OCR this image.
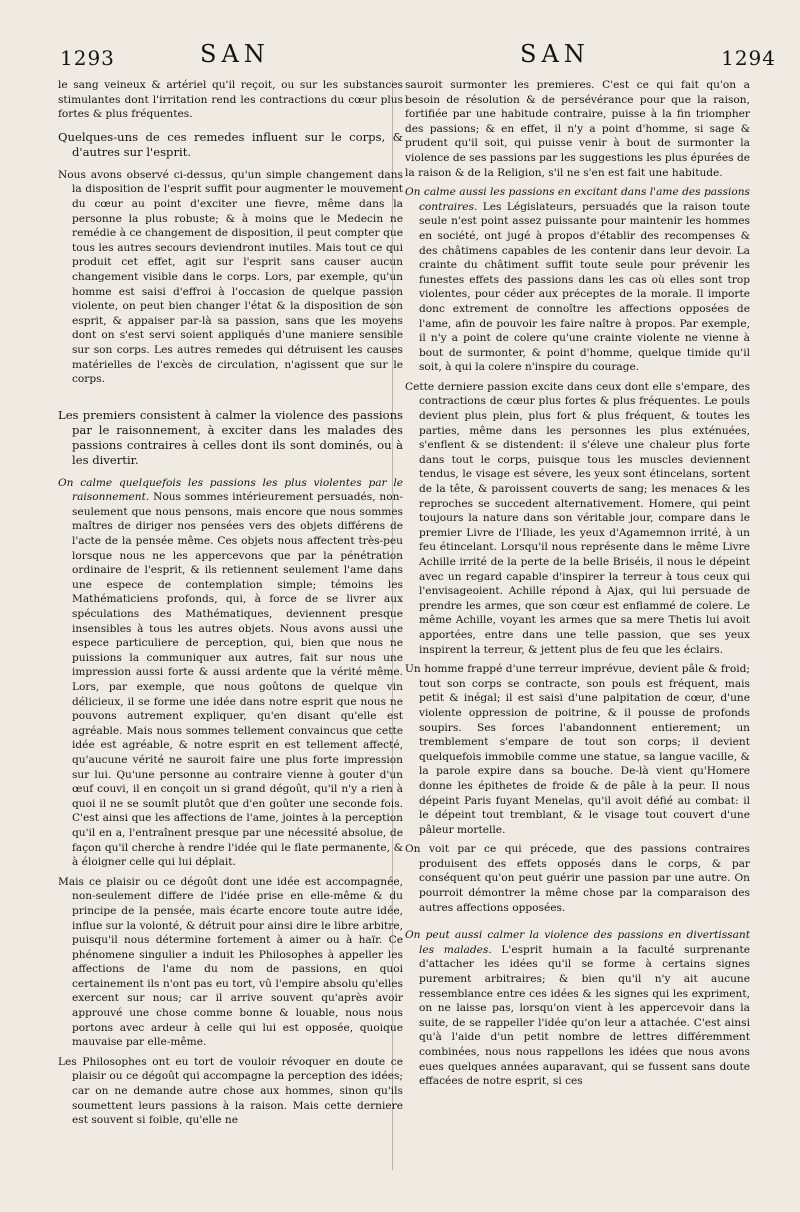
1293	SAN	SAN	1294

le sang veineux & artériel qu'il reçoit, ou sur les substances stimulantes dont l'irritation rend les contractions du cœur plus fortes & plus fréquentes.

Quelques-uns de ces remedes influent sur le corps, & d'autres sur l'esprit.

Nous avons observé ci-dessus, qu'un simple changement dans la disposition de l'esprit suffit pour augmenter le mouvement du cœur au point d'exciter une fievre, même dans la personne la plus robuste; & à moins que le Medecin ne remédie à ce changement de disposition, il peut compter que tous les autres secours deviendront inutiles. Mais tout ce qui produit cet effet, agit sur l'esprit sans causer aucun changement visible dans le corps. Lors, par exemple, qu'un homme est saisi d'effroi à l'occasion de quelque passion violente, on peut bien changer l'état & la disposition de son esprit, & appaiser par-là sa passion, sans que les moyens dont on s'est servi soient appliqués d'une maniere sensible sur son corps. Les autres remedes qui détruisent les causes matérielles de l'excès de circulation, n'agissent que sur le corps.

Les premiers consistent à calmer la violence des passions par le raisonnement, à exciter dans les malades des passions contraires à celles dont ils sont dominés, ou à les divertir.

On calme quelquefois les passions les plus violentes par le raisonnement. Nous sommes intérieurement persuadés, non-seulement que nous pensons, mais encore que nous sommes maîtres de diriger nos pensées vers des objets différens de l'acte de la pensée même. Ces objets nous affectent très-peu lorsque nous ne les appercevons que par la pénétration ordinaire de l'esprit, & ils retiennent seulement l'ame dans une espece de contemplation simple; témoins les Mathématiciens profonds, qui, à force de se livrer aux spéculations des Mathématiques, deviennent presque insensibles à tous les autres objets. Nous avons aussi une espece particuliere de perception, qui, bien que nous ne puissions la communiquer aux autres, fait sur nous une impression aussi forte & aussi ardente que la vérité même. Lors, par exemple, que nous goûtons de quelque vin délicieux, il se forme une idée dans notre esprit que nous ne pouvons autrement expliquer, qu'en disant qu'elle est agréable. Mais nous sommes tellement convaincus que cette idée est agréable, & notre esprit en est tellement affecté, qu'aucune vérité ne sauroit faire une plus forte impression sur lui. Qu'une personne au contraire vienne à gouter d'un œuf couvi, il en conçoit un si grand dégoût, qu'il n'y a rien à quoi il ne se soumît plutôt que d'en goûter une seconde fois. C'est ainsi que les affections de l'ame, jointes à la perception qu'il en a, l'entraînent presque par une nécessité absolue, de façon qu'il cherche à rendre l'idée qui le flate permanente, & à éloigner celle qui lui déplait.

Mais ce plaisir ou ce dégoût dont une idée est accompagnée, non-seulement differe de l'idée prise en elle-même & du principe de la pensée, mais écarte encore toute autre idée, influe sur la volonté, & détruit pour ainsi dire le libre arbitre, puisqu'il nous détermine fortement à aimer ou à haïr. Ce phénomene singulier a induit les Philosophes à appeller les affections de l'ame du nom de passions, en quoi certainement ils n'ont pas eu tort, vû l'empire absolu qu'elles exercent sur nous; car il arrive souvent qu'après avoir approuvé une chose comme bonne & louable, nous nous portons avec ardeur à celle qui lui est opposée, quoique mauvaise par elle-même.

Les Philosophes ont eu tort de vouloir révoquer en doute ce plaisir ou ce dégoût qui accompagne la perception des idées; car on ne demande autre chose aux hommes, sinon qu'ils soumettent leurs passions à la raison. Mais cette derniere est souvent si foible, qu'elle ne

sauroit surmonter les premieres. C'est ce qui fait qu'on a besoin de résolution & de persévérance pour que la raison, fortifiée par une habitude contraire, puisse à la fin triompher des passions; & en effet, il n'y a point d'homme, si sage & prudent qu'il soit, qui puisse venir à bout de surmonter la violence de ses passions par les suggestions les plus épurées de la raison & de la Religion, s'il ne s'en est fait une habitude.

On calme aussi les passions en excitant dans l'ame des passions contraires. Les Législateurs, persuadés que la raison toute seule n'est point assez puissante pour maintenir les hommes en société, ont jugé à propos d'établir des recompenses & des châtimens capables de les contenir dans leur devoir. La crainte du châtiment suffit toute seule pour prévenir les funestes effets des passions dans les cas où elles sont trop violentes, pour céder aux préceptes de la morale. Il importe donc extrement de connoître les affections opposées de l'ame, afin de pouvoir les faire naître à propos. Par exemple, il n'y a point de colere qu'une crainte violente ne vienne à bout de surmonter, & point d'homme, quelque timide qu'il soit, à qui la colere n'inspire du courage.

Cette derniere passion excite dans ceux dont elle s'empare, des contractions de cœur plus fortes & plus fréquentes. Le pouls devient plus plein, plus fort & plus fréquent, & toutes les parties, même dans les personnes les plus exténuées, s'enflent & se distendent: il s'éleve une chaleur plus forte dans tout le corps, puisque tous les muscles deviennent tendus, le visage est sévere, les yeux sont étincelans, sortent de la tête, & paroissent couverts de sang; les menaces & les reproches se succedent alternativement. Homere, qui peint toujours la nature dans son véritable jour, compare dans le premier Livre de l'Iliade, les yeux d'Agamemnon irrité, à un feu étincelant. Lorsqu'il nous représente dans le même Livre Achille irrité de la perte de la belle Briséis, il nous le dépeint avec un regard capable d'inspirer la terreur à tous ceux qui l'envisageoient. Achille répond à Ajax, qui lui persuade de prendre les armes, que son cœur est enflammé de colere. Le même Achille, voyant les armes que sa mere Thetis lui avoit apportées, entre dans une telle passion, que ses yeux inspirent la terreur, & jettent plus de feu que les éclairs.

Un homme frappé d'une terreur imprévue, devient pâle & froid; tout son corps se contracte, son pouls est fréquent, mais petit & inégal; il est saisi d'une palpitation de cœur, d'une violente oppression de poitrine, & il pousse de profonds soupirs. Ses forces l'abandonnent entierement; un tremblement s'empare de tout son corps; il devient quelquefois immobile comme une statue, sa langue vacille, & la parole expire dans sa bouche. De-là vient qu'Homere donne les épithetes de froide & de pâle à la peur. Il nous dépeint Paris fuyant Menelas, qu'il avoit défié au combat: il le dépeint tout tremblant, & le visage tout couvert d'une pâleur mortelle.

On voit par ce qui précede, que des passions contraires produisent des effets opposés dans le corps, & par conséquent qu'on peut guérir une passion par une autre. On pourroit démontrer la même chose par la comparaison des autres affections opposées.

On peut aussi calmer la violence des passions en divertissant les malades. L'esprit humain a la faculté surprenante d'attacher les idées qu'il se forme à certains signes purement arbitraires; & bien qu'il n'y ait aucune ressemblance entre ces idées & les signes qui les expriment, on ne laisse pas, lorsqu'on vient à les appercevoir dans la suite, de se rappeller l'idée qu'on leur a attachée. C'est ainsi qu'à l'aide d'un petit nombre de lettres différemment combinées, nous nous rappellons les idées que nous avons eues quelques années auparavant, qui se fussent sans doute effacées de notre esprit, si ces
